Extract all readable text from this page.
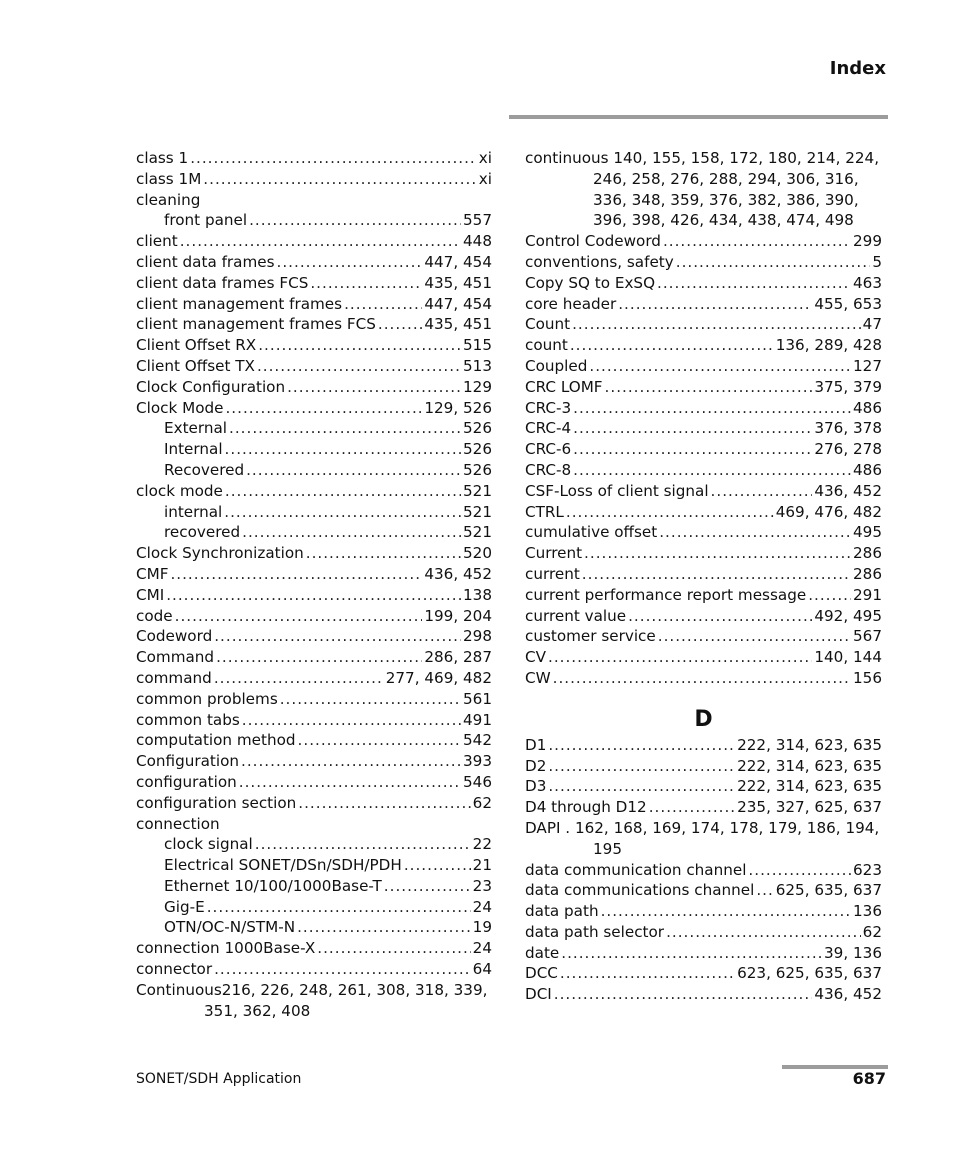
Index
class 1 .....	xi
class 1M .....	xi
cleaning
front panel .....	557
client .....	448
client data frames .....	447, 454
client data frames FCS .....	435, 451
client management frames .....	447, 454
client management frames FCS .....	435, 451
Client Offset RX .....	515
Client Offset TX .....	513
Clock Configuration .....	129
Clock Mode .....	129, 526
External .....	526
Internal .....	526
Recovered .....	526
clock mode .....	521
internal .....	521
recovered .....	521
Clock Synchronization .....	520
CMF .....	436, 452
CMI .....	138
code .....	199, 204
Codeword .....	298
Command .....	286, 287
command .....	277, 469, 482
common problems .....	561
common tabs .....	491
computation method .....	542
Configuration .....	393
configuration .....	546
configuration section .....	62
connection
clock signal .....	22
Electrical SONET/DSn/SDH/PDH .....	21
Ethernet 10/100/1000Base-T .....	23
Gig-E .....	24
OTN/OC-N/STM-N .....	19
connection 1000Base-X .....	24
connector .....	64
Continuous216, 226, 248, 261, 308, 318, 339,
351, 362, 408
continuous 140, 155, 158, 172, 180, 214, 224,
246, 258, 276, 288, 294, 306, 316,
336, 348, 359, 376, 382, 386, 390,
396, 398, 426, 434, 438, 474, 498
Control Codeword .....	299
conventions, safety .....	5
Copy SQ to ExSQ .....	463
core header .....	455, 653
Count .....	47
count .....	136, 289, 428
Coupled .....	127
CRC LOMF .....	375, 379
CRC-3 .....	486
CRC-4 .....	376, 378
CRC-6 .....	276, 278
CRC-8 .....	486
CSF-Loss of client signal .....	436, 452
CTRL .....	469, 476, 482
cumulative offset .....	495
Current .....	286
current .....	286
current performance report message .....	291
current value .....	492, 495
customer service .....	567
CV .....	140, 144
CW .....	156
D
D1 .....	222, 314, 623, 635
D2 .....	222, 314, 623, 635
D3 .....	222, 314, 623, 635
D4 through D12 .....	235, 327, 625, 637
DAPI . 162, 168, 169, 174, 178, 179, 186, 194,
195
data communication channel .....	623
data communications channel ..... 625, 635, 637
data path .....	136
data path selector .....	62
date .....	39, 136
DCC .....	623, 625, 635, 637
DCI .....	436, 452
SONET/SDH Application	687
